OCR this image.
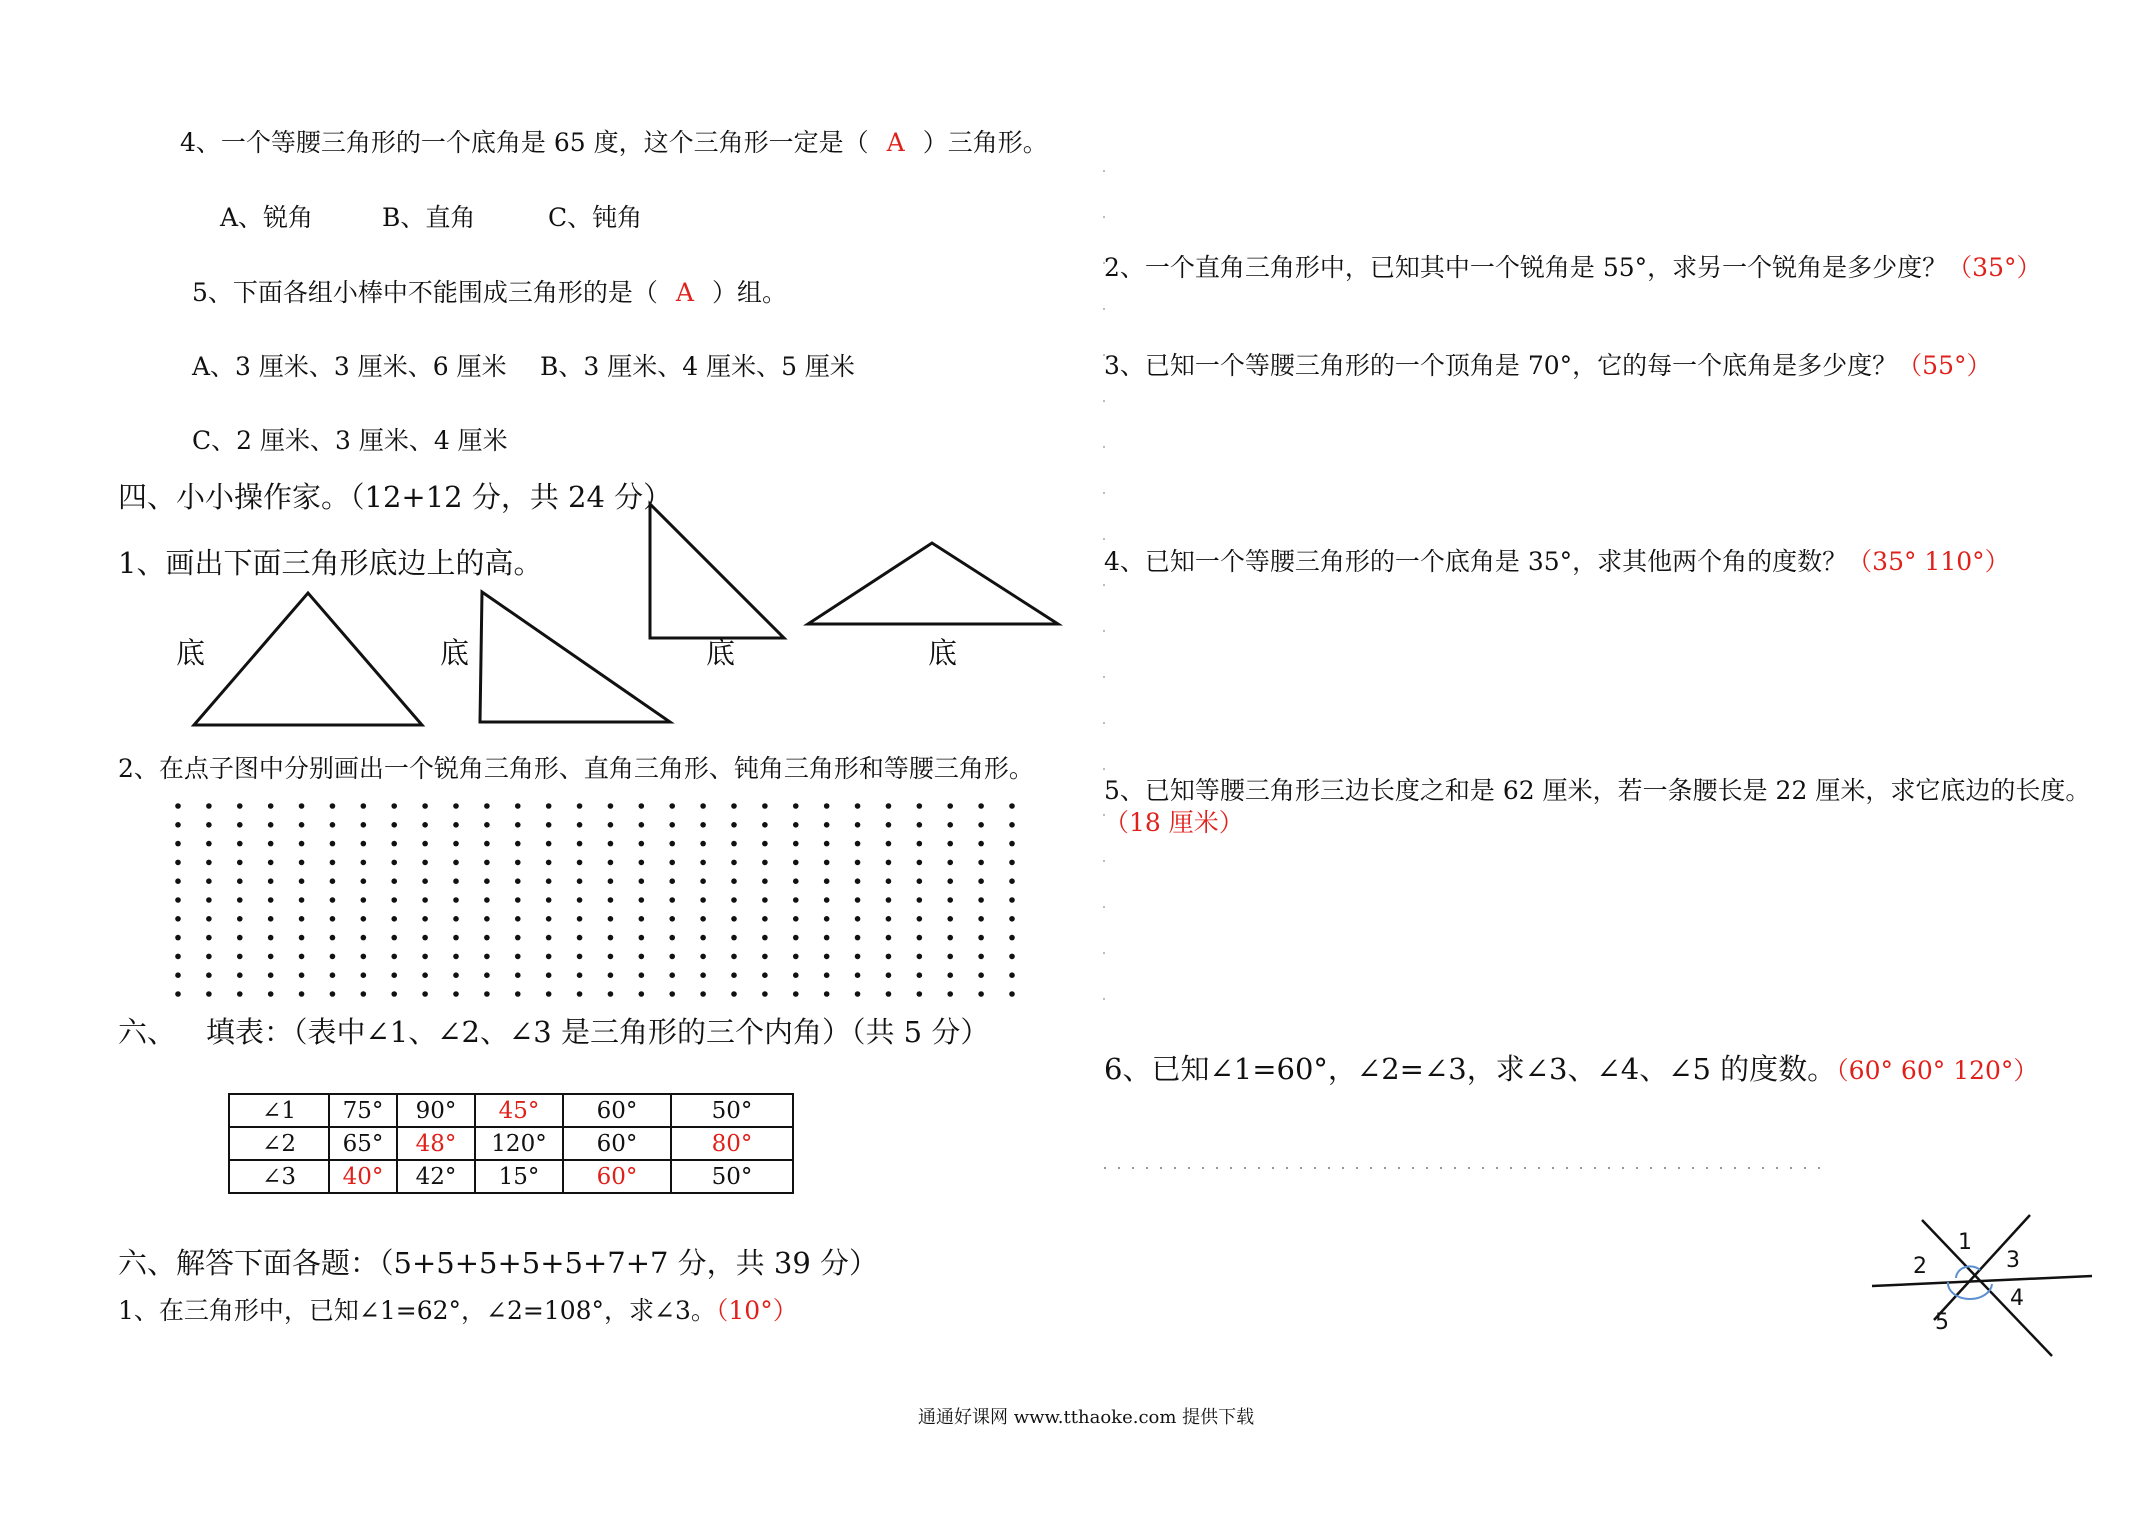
4、一个等腰三角形的一个底角是 65 度，这个三角形一定是（ A ）三角形。
A、锐角	B、直角	C、钝角
5、下面各组小棒中不能围成三角形的是（ A ）组。
A、3 厘米、3 厘米、6 厘米 B、3 厘米、4 厘米、5 厘米
C、2 厘米、3 厘米、4 厘米
四、小小操作家。（12+12 分，共 24 分）
1、画出下面三角形底边上的高。
底	底	底	底
2、在点子图中分别画出一个锐角三角形、直角三角形、钝角三角形和等腰三角形。
六、 填表：（表中∠1、∠2、∠3 是三角形的三个内角）（共 5 分）
∠1	75°	90°	45°	60°	50°
∠2	65°	48°	120°	60°	80°
∠3	40°	42°	15°	60°	50°
六、解答下面各题：（5+5+5+5+5+7+7 分，共 39 分）
1、在三角形中，已知∠1=62°，∠2=108°，求∠3。（10°）
2、一个直角三角形中，已知其中一个锐角是 55°，求另一个锐角是多少度？（35°）
3、已知一个等腰三角形的一个顶角是 70°，它的每一个底角是多少度？（55°）
4、已知一个等腰三角形的一个底角是 35°，求其他两个角的度数？（35° 110°）
5、已知等腰三角形三边长度之和是 62 厘米，若一条腰长是 22 厘米，求它底边的长度。
（18 厘米）
6、已知∠1=60°，∠2=∠3，求∠3、∠4、∠5 的度数。（60° 60° 120°）
1
2	3
4
5
通通好课网 www.tthaoke.com 提供下载
